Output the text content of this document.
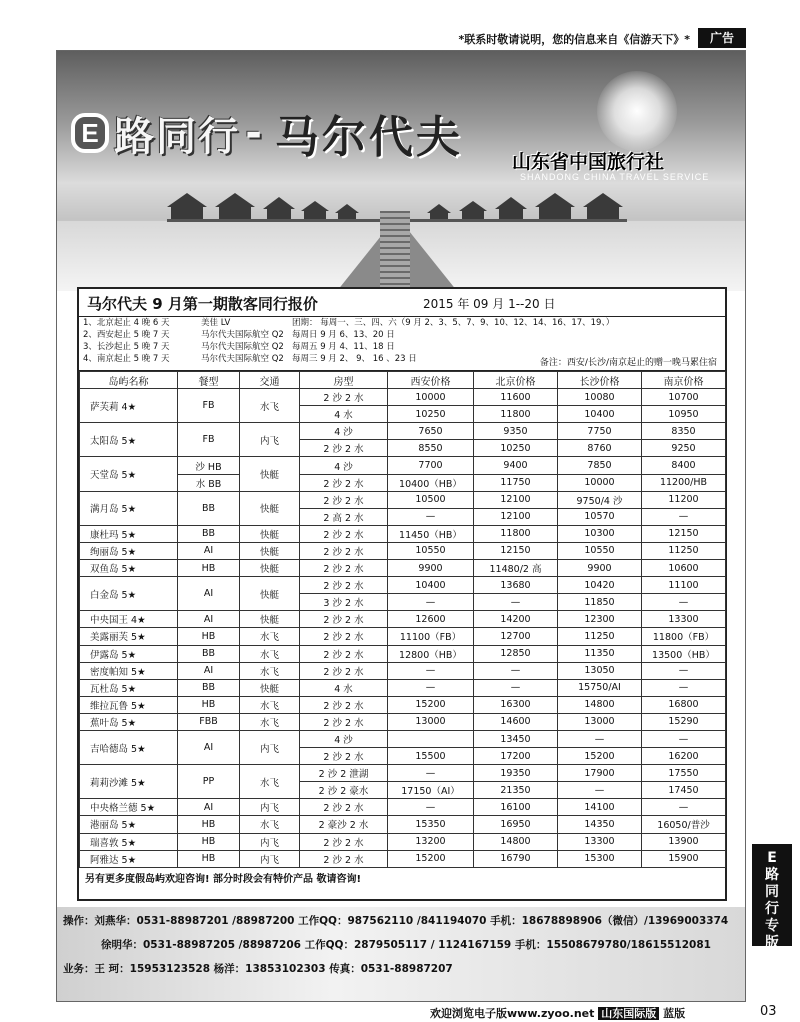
*联系时敬请说明，您的信息来自《信游天下》*	广告
E 路同行 - 马尔代夫	山东省中国旅行社
SHANDONG CHINA TRAVEL SERVICE
马尔代夫 9 月第一期散客同行报价	2015 年 09 月 1--20 日
1、北京起止 4 晚 6 天	美佳 LV	团期： 每周一、三、四、六（9 月 2、3、5、7、9、10、12、14、16、17、19、）
2、西安起止 5 晚 7 天	马尔代夫国际航空 Q2 每周日 9 月 6、13、20 日
3、长沙起止 5 晚 7 天	马尔代夫国际航空 Q2 每周五 9 月 4、11、18 日
4、南京起止 5 晚 7 天	马尔代夫国际航空 Q2 每周三 9 月 2、 9、 16 、23 日	备注：西安/长沙/南京起止的赠一晚马累住宿
岛屿名称	餐型	交通	房型	西安价格	北京价格	长沙价格	南京价格
萨芙莉 4★	FB	水飞	2 沙 2 水	10000	11600	10080	10700
			4 水	10250	11800	10400	10950
太阳岛 5★	FB	内飞	4 沙	7650	9350	7750	8350
			2 沙 2 水	8550	10250	8760	9250
天堂岛 5★	沙 HB	快艇	4 沙	7700	9400	7850	8400
	水 BB		2 沙 2 水	10400（HB）	11750	10000	11200/HB
满月岛 5★	BB	快艇	2 沙 2 水	10500	12100	9750/4 沙	11200
			2 高 2 水	—	12100	10570	—
康杜玛 5★	BB	快艇	2 沙 2 水	11450（HB）	11800	10300	12150
绚丽岛 5★	AI	快艇	2 沙 2 水	10550	12150	10550	11250
双鱼岛 5★	HB	快艇	2 沙 2 水	9900	11480/2 高	9900	10600
白金岛 5★	AI	快艇	2 沙 2 水	10400	13680	10420	11100
			3 沙 2 水	—	—	11850	—
中央国王 4★	AI	快艇	2 沙 2 水	12600	14200	12300	13300
美露丽芙 5★	HB	水飞	2 沙 2 水	11100（FB）	12700	11250	11800（FB）
伊露岛 5★	BB	水飞	2 沙 2 水	12800（HB）	12850	11350	13500（HB）
密度帕知 5★	AI	水飞	2 沙 2 水	—	—	13050	—
瓦杜岛 5★	BB	快艇	4 水	—	—	15750/AI	—
维拉瓦鲁 5★	HB	水飞	2 沙 2 水	15200	16300	14800	16800
蕉叶岛 5★	FBB	水飞	2 沙 2 水	13000	14600	13000	15290
吉哈德岛 5★	AI	内飞	4 沙		13450	—	—
			2 沙 2 水	15500	17200	15200	16200
莉莉沙滩 5★	PP	水飞	2 沙 2 泄湖	—	19350	17900	17550
			2 沙 2 豪水	17150（AI）	21350	—	17450
中央格兰德 5★	AI	内飞	2 沙 2 水	—	16100	14100	—
港丽岛 5★	HB	水飞	2 豪沙 2 水	15350	16950	14350	16050/普沙
瑞喜敦 5★	HB	内飞	2 沙 2 水	13200	14800	13300	13900
阿雅达 5★	HB	内飞	2 沙 2 水	15200	16790	15300	15900
另有更多度假岛屿欢迎咨询! 部分时段会有特价产品 敬请咨询!
操作：刘燕华：0531-88987201 /88987200 工作QQ：987562110 /841194070 手机：18678898906（微信）/13969003374
徐明华：0531-88987205 /88987206 工作QQ：2879505117 / 1124167159 手机：15508679780/18615512081
业务：王 珂：15953123528 杨洋：13853102303 传真：0531-88987207
E路同行专版
欢迎浏览电子版www.zyoo.net 山东国际版 蓝版	03
